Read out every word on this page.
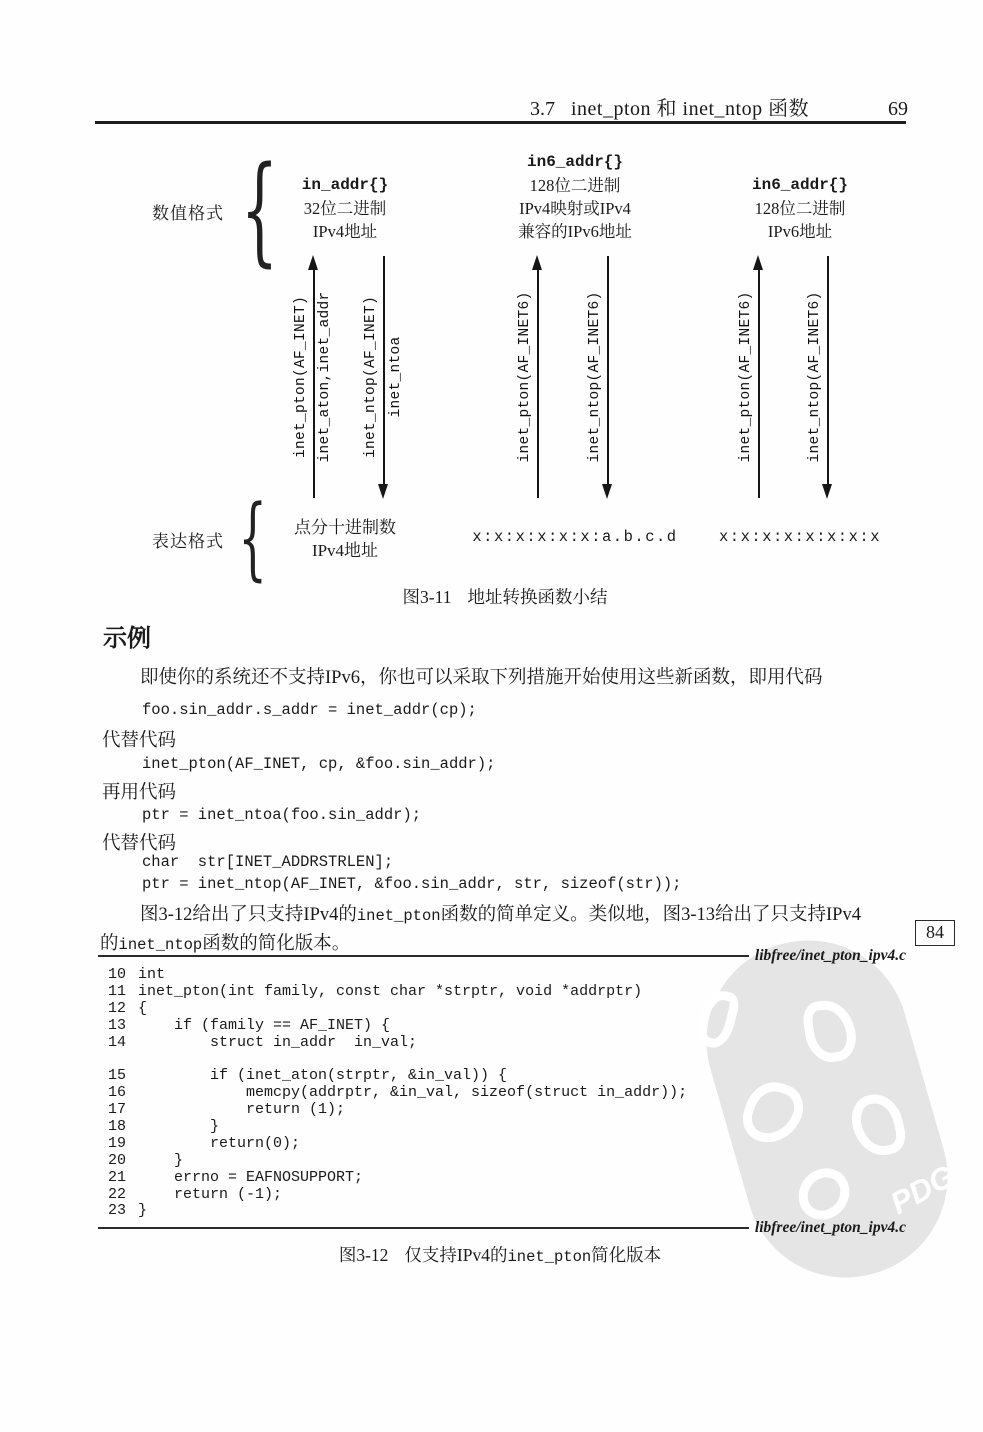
PDG
3.7 inet_pton 和 inet_ntop 函数	69
数值格式 {
表达格式 {
in_addr{}
32位二进制
IPv4地址
in6_addr{}
128位二进制
IPv4映射或IPv4
兼容的IPv6地址
in6_addr{}
128位二进制
IPv6地址
inet_pton(AF_INET) inet_aton,inet_addr inet_ntop(AF_INET) inet_ntoa	inet_pton(AF_INET6)	inet_ntop(AF_INET6)	inet_pton(AF_INET6)	inet_ntop(AF_INET6)
点分十进制数
IPv4地址
x:x:x:x:x:x:a.b.c.d	x:x:x:x:x:x:x:x
图3-11 地址转换函数小结
示例
即使你的系统还不支持IPv6，你也可以采取下列措施开始使用这些新函数，即用代码
foo.sin_addr.s_addr = inet_addr(cp);
代替代码
inet_pton(AF_INET, cp, &foo.sin_addr);
再用代码
ptr = inet_ntoa(foo.sin_addr);
代替代码
char  str[INET_ADDRSTRLEN];
ptr = inet_ntop(AF_INET, &foo.sin_addr, str, sizeof(str));
图3-12给出了只支持IPv4的inet_pton函数的简单定义。类似地，图3-13给出了只支持IPv4
的inet_ntop函数的简化版本。
84
libfree/inet_pton_ipv4.c
10 int
11 inet_pton(int family, const char *strptr, void *addrptr)
12 {
13 if (family == AF_INET) {
14 struct in_addr  in_val;
15 if (inet_aton(strptr, &in_val)) {
16 memcpy(addrptr, &in_val, sizeof(struct in_addr));
17 return (1);
18 }
19 return(0);
20 }
21 errno = EAFNOSUPPORT;
22 return (-1);
23 }
libfree/inet_pton_ipv4.c
图3-12 仅支持IPv4的inet_pton简化版本
